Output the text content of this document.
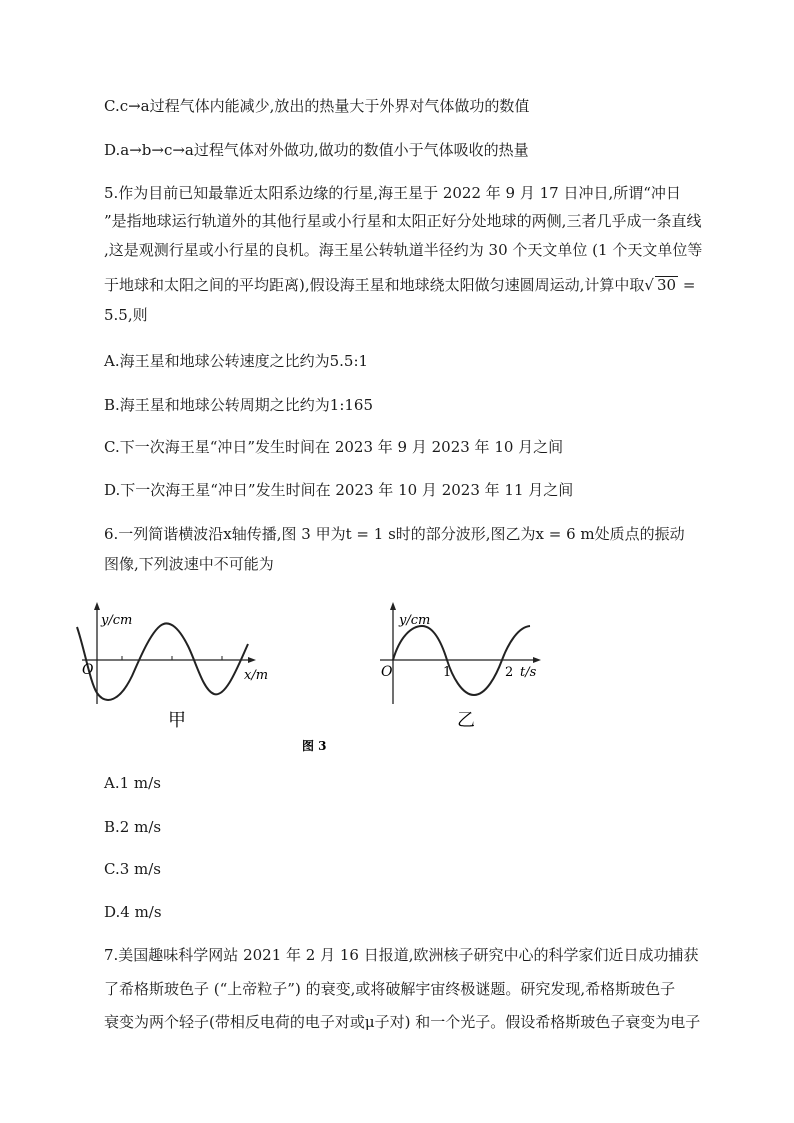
C.c→a过程气体内能减少,放出的热量大于外界对气体做功的数值
D.a→b→c→a过程气体对外做功,做功的数值小于气体吸收的热量
5.作为目前已知最靠近太阳系边缘的行星,海王星于 2022 年 9 月 17 日冲日,所谓“冲日
”是指地球运行轨道外的其他行星或小行星和太阳正好分处地球的两侧,三者几乎成一条直线
,这是观测行星或小行星的良机。海王星公转轨道半径约为 30 个天文单位 (1 个天文单位等
于地球和太阳之间的平均距离),假设海王星和地球绕太阳做匀速圆周运动,计算中取√ 30 =
5.5,则
A.海王星和地球公转速度之比约为5.5:1
B.海王星和地球公转周期之比约为1:165
C.下一次海王星“冲日”发生时间在 2023 年 9 月 2023 年 10 月之间
D.下一次海王星“冲日”发生时间在 2023 年 10 月 2023 年 11 月之间
6.一列简谐横波沿x轴传播,图 3 甲为t = 1 s时的部分波形,图乙为x = 6 m处质点的振动
图像,下列波速中不可能为
y/cm
O	x/m
甲
y/cm
O	1	2 t/s
乙
图 3
A.1 m/s
B.2 m/s
C.3 m/s
D.4 m/s
7.美国趣味科学网站 2021 年 2 月 16 日报道,欧洲核子研究中心的科学家们近日成功捕获
了希格斯玻色子 (“上帝粒子”) 的衰变,或将破解宇宙终极谜题。研究发现,希格斯玻色子
衰变为两个轻子(带相反电荷的电子对或μ子对) 和一个光子。假设希格斯玻色子衰变为电子
